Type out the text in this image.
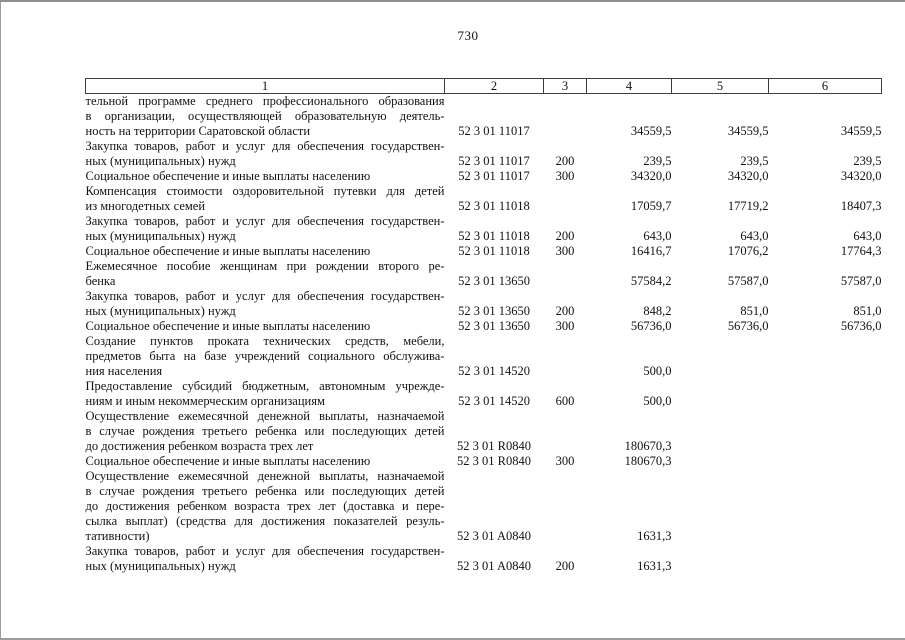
730
1	2	3	4	5	6

тельной программе среднего профессионального образования
в организации, осуществляющей образовательную деятель-
ность на территории Саратовской области	52 3 01 11017		34559,5	34559,5	34559,5

Закупка товаров, работ и услуг для обеспечения государствен-
ных (муниципальных) нужд	52 3 01 11017	200	239,5	239,5	239,5

Социальное обеспечение и иные выплаты населению	52 3 01 11017	300	34320,0	34320,0	34320,0

Компенсация стоимости оздоровительной путевки для детей
из многодетных семей	52 3 01 11018		17059,7	17719,2	18407,3

Закупка товаров, работ и услуг для обеспечения государствен-
ных (муниципальных) нужд	52 3 01 11018	200	643,0	643,0	643,0

Социальное обеспечение и иные выплаты населению	52 3 01 11018	300	16416,7	17076,2	17764,3

Ежемесячное пособие женщинам при рождении второго ре-
бенка	52 3 01 13650		57584,2	57587,0	57587,0

Закупка товаров, работ и услуг для обеспечения государствен-
ных (муниципальных) нужд	52 3 01 13650	200	848,2	851,0	851,0

Социальное обеспечение и иные выплаты населению	52 3 01 13650	300	56736,0	56736,0	56736,0

Создание пунктов проката технических средств, мебели,
предметов быта на базе учреждений социального обслужива-
ния населения	52 3 01 14520		500,0		

Предоставление субсидий бюджетным, автономным учрежде-
ниям и иным некоммерческим организациям	52 3 01 14520	600	500,0		

Осуществление ежемесячной денежной выплаты, назначаемой
в случае рождения третьего ребенка или последующих детей
до достижения ребенком возраста трех лет	52 3 01 R0840		180670,3		

Социальное обеспечение и иные выплаты населению	52 3 01 R0840	300	180670,3		

Осуществление ежемесячной денежной выплаты, назначаемой
в случае рождения третьего ребенка или последующих детей
до достижения ребенком возраста трех лет (доставка и пере-
сылка выплат) (средства для достижения показателей резуль-
тативности)	52 3 01 A0840		1631,3		

Закупка товаров, работ и услуг для обеспечения государствен-
ных (муниципальных) нужд	52 3 01 A0840	200	1631,3		
